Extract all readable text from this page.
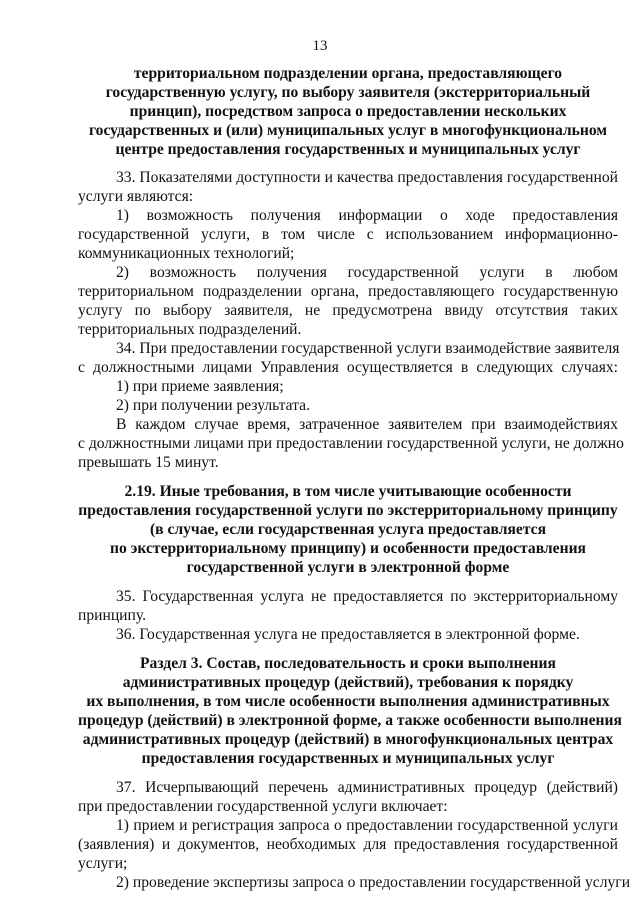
13
территориальном подразделении органа, предоставляющего
государственную услугу, по выбору заявителя (экстерриториальный
принцип), посредством запроса о предоставлении нескольких
государственных и (или) муниципальных услуг в многофункциональном
центре предоставления государственных и муниципальных услуг
33. Показателями доступности и качества предоставления государственной
услуги являются:
1) возможность получения информации о ходе предоставления
государственной услуги, в том числе с использованием информационно-
коммуникационных технологий;
2) возможность получения государственной услуги в любом
территориальном подразделении органа, предоставляющего государственную
услугу по выбору заявителя, не предусмотрена ввиду отсутствия таких
территориальных подразделений.
34. При предоставлении государственной услуги взаимодействие заявителя
с должностными лицами Управления осуществляется в следующих случаях:
1) при приеме заявления;
2) при получении результата.
В каждом случае время, затраченное заявителем при взаимодействиях
с должностными лицами при предоставлении государственной услуги, не должно
превышать 15 минут.
2.19. Иные требования, в том числе учитывающие особенности
предоставления государственной услуги по экстерриториальному принципу
(в случае, если государственная услуга предоставляется
по экстерриториальному принципу) и особенности предоставления
государственной услуги в электронной форме
35. Государственная услуга не предоставляется по экстерриториальному
принципу.
36. Государственная услуга не предоставляется в электронной форме.
Раздел 3. Состав, последовательность и сроки выполнения
административных процедур (действий), требования к порядку
их выполнения, в том числе особенности выполнения административных
процедур (действий) в электронной форме, а также особенности выполнения
административных процедур (действий) в многофункциональных центрах
предоставления государственных и муниципальных услуг
37. Исчерпывающий перечень административных процедур (действий)
при предоставлении государственной услуги включает:
1) прием и регистрация запроса о предоставлении государственной услуги
(заявления) и документов, необходимых для предоставления государственной
услуги;
2) проведение экспертизы запроса о предоставлении государственной услуги
